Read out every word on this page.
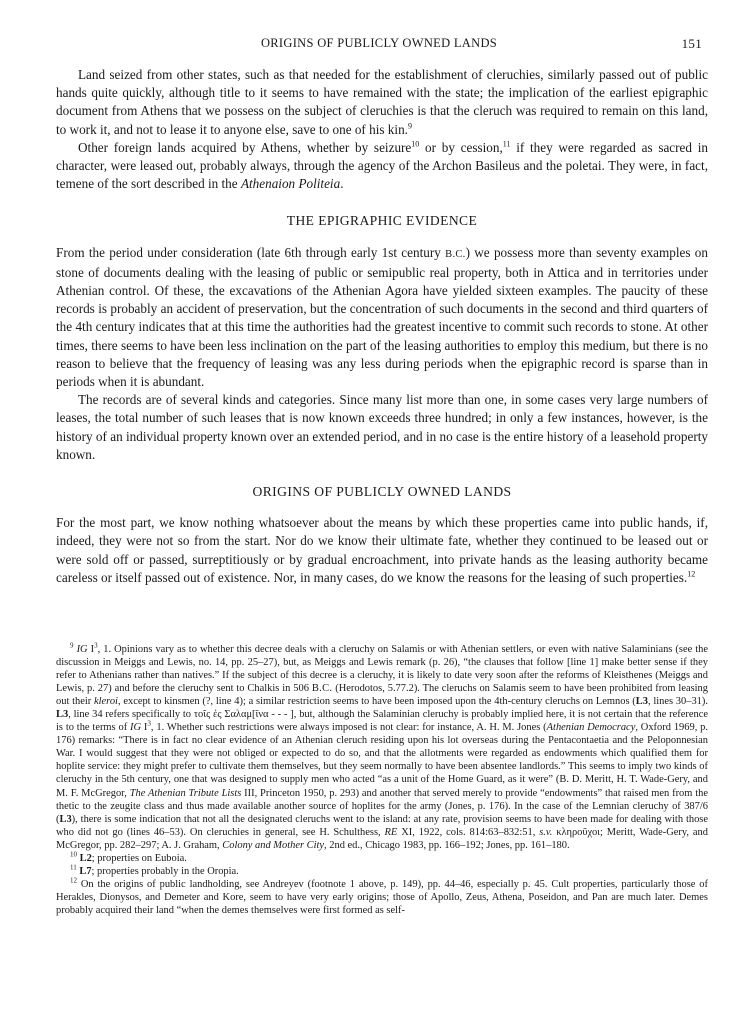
ORIGINS OF PUBLICLY OWNED LANDS	151

Land seized from other states, such as that needed for the establishment of cleruchies, similarly passed out of public hands quite quickly, although title to it seems to have remained with the state; the implication of the earliest epigraphic document from Athens that we possess on the subject of cleruchies is that the cleruch was required to remain on this land, to work it, and not to lease it to anyone else, save to one of his kin.$^9$

Other foreign lands acquired by Athens, whether by seizure$^{10}$ or by cession,$^{11}$ if they were regarded as sacred in character, were leased out, probably always, through the agency of the Archon Basileus and the poletai. They were, in fact, temene of the sort described in the Athenaion Politeia.

THE EPIGRAPHIC EVIDENCE

From the period under consideration (late 6th through early 1st century B.C.) we possess more than seventy examples on stone of documents dealing with the leasing of public or semipublic real property, both in Attica and in territories under Athenian control. Of these, the excavations of the Athenian Agora have yielded sixteen examples. The paucity of these records is probably an accident of preservation, but the concentration of such documents in the second and third quarters of the 4th century indicates that at this time the authorities had the greatest incentive to commit such records to stone. At other times, there seems to have been less inclination on the part of the leasing authorities to employ this medium, but there is no reason to believe that the frequency of leasing was any less during periods when the epigraphic record is sparse than in periods when it is abundant.

The records are of several kinds and categories. Since many list more than one, in some cases very large numbers of leases, the total number of such leases that is now known exceeds three hundred; in only a few instances, however, is the history of an individual property known over an extended period, and in no case is the entire history of a leasehold property known.

ORIGINS OF PUBLICLY OWNED LANDS

For the most part, we know nothing whatsoever about the means by which these properties came into public hands, if, indeed, they were not so from the start. Nor do we know their ultimate fate, whether they continued to be leased out or were sold off or passed, surreptitiously or by gradual encroachment, into private hands as the leasing authority became careless or itself passed out of existence. Nor, in many cases, do we know the reasons for the leasing of such properties.$^{12}$

$^9$ IG $I^3$, 1. Opinions vary as to whether this decree deals with a cleruchy on Salamis or with Athenian settlers, or even with native Salaminians (see the discussion in Meiggs and Lewis, no. 14, pp. 25–27), but, as Meiggs and Lewis remark (p. 26), “the clauses that follow [line 1] make better sense if they refer to Athenians rather than natives.” If the subject of this decree is a cleruchy, it is likely to date very soon after the reforms of Kleisthenes (Meiggs and Lewis, p. 27) and before the cleruchy sent to Chalkis in 506 B.C. (Herodotos, 5.77.2). The cleruchs on Salamis seem to have been prohibited from leasing out their kleroi, except to kinsmen (?, line 4); a similar restriction seems to have been imposed upon the 4th-century cleruchs on Lemnos (L3, lines 30–31). L3, line 34 refers specifically to τοῖς ἐς Σαλαμ[ῖνα - - - ], but, although the Salaminian cleruchy is probably implied here, it is not certain that the reference is to the terms of IG $I^3$, 1. Whether such restrictions were always imposed is not clear: for instance, A. H. M. Jones (Athenian Democracy, Oxford 1969, p. 176) remarks: “There is in fact no clear evidence of an Athenian cleruch residing upon his lot overseas during the Pentacontaetia and the Peloponnesian War. I would suggest that they were not obliged or expected to do so, and that the allotments were regarded as endowments which qualified them for hoplite service: they might prefer to cultivate them themselves, but they seem normally to have been absentee landlords.” This seems to imply two kinds of cleruchy in the 5th century, one that was designed to supply men who acted “as a unit of the Home Guard, as it were” (B. D. Meritt, H. T. Wade-Gery, and M. F. McGregor, The Athenian Tribute Lists III, Princeton 1950, p. 293) and another that served merely to provide “endowments” that raised men from the thetic to the zeugite class and thus made available another source of hoplites for the army (Jones, p. 176). In the case of the Lemnian cleruchy of 387/6 (L3), there is some indication that not all the designated cleruchs went to the island: at any rate, provision seems to have been made for dealing with those who did not go (lines 46–53). On cleruchies in general, see H. Schulthess, RE XI, 1922, cols. 814:63–832:51, s.v. κληροῦχοι; Meritt, Wade-Gery, and McGregor, pp. 282–297; A. J. Graham, Colony and Mother City, 2nd ed., Chicago 1983, pp. 166–192; Jones, pp. 161–180.

$^{10}$ L2; properties on Euboia.

$^{11}$ L7; properties probably in the Oropia.

$^{12}$ On the origins of public landholding, see Andreyev (footnote 1 above, p. 149), pp. 44–46, especially p. 45. Cult properties, particularly those of Herakles, Dionysos, and Demeter and Kore, seem to have very early origins; those of Apollo, Zeus, Athena, Poseidon, and Pan are much later. Demes probably acquired their land “when the demes themselves were first formed as self-
